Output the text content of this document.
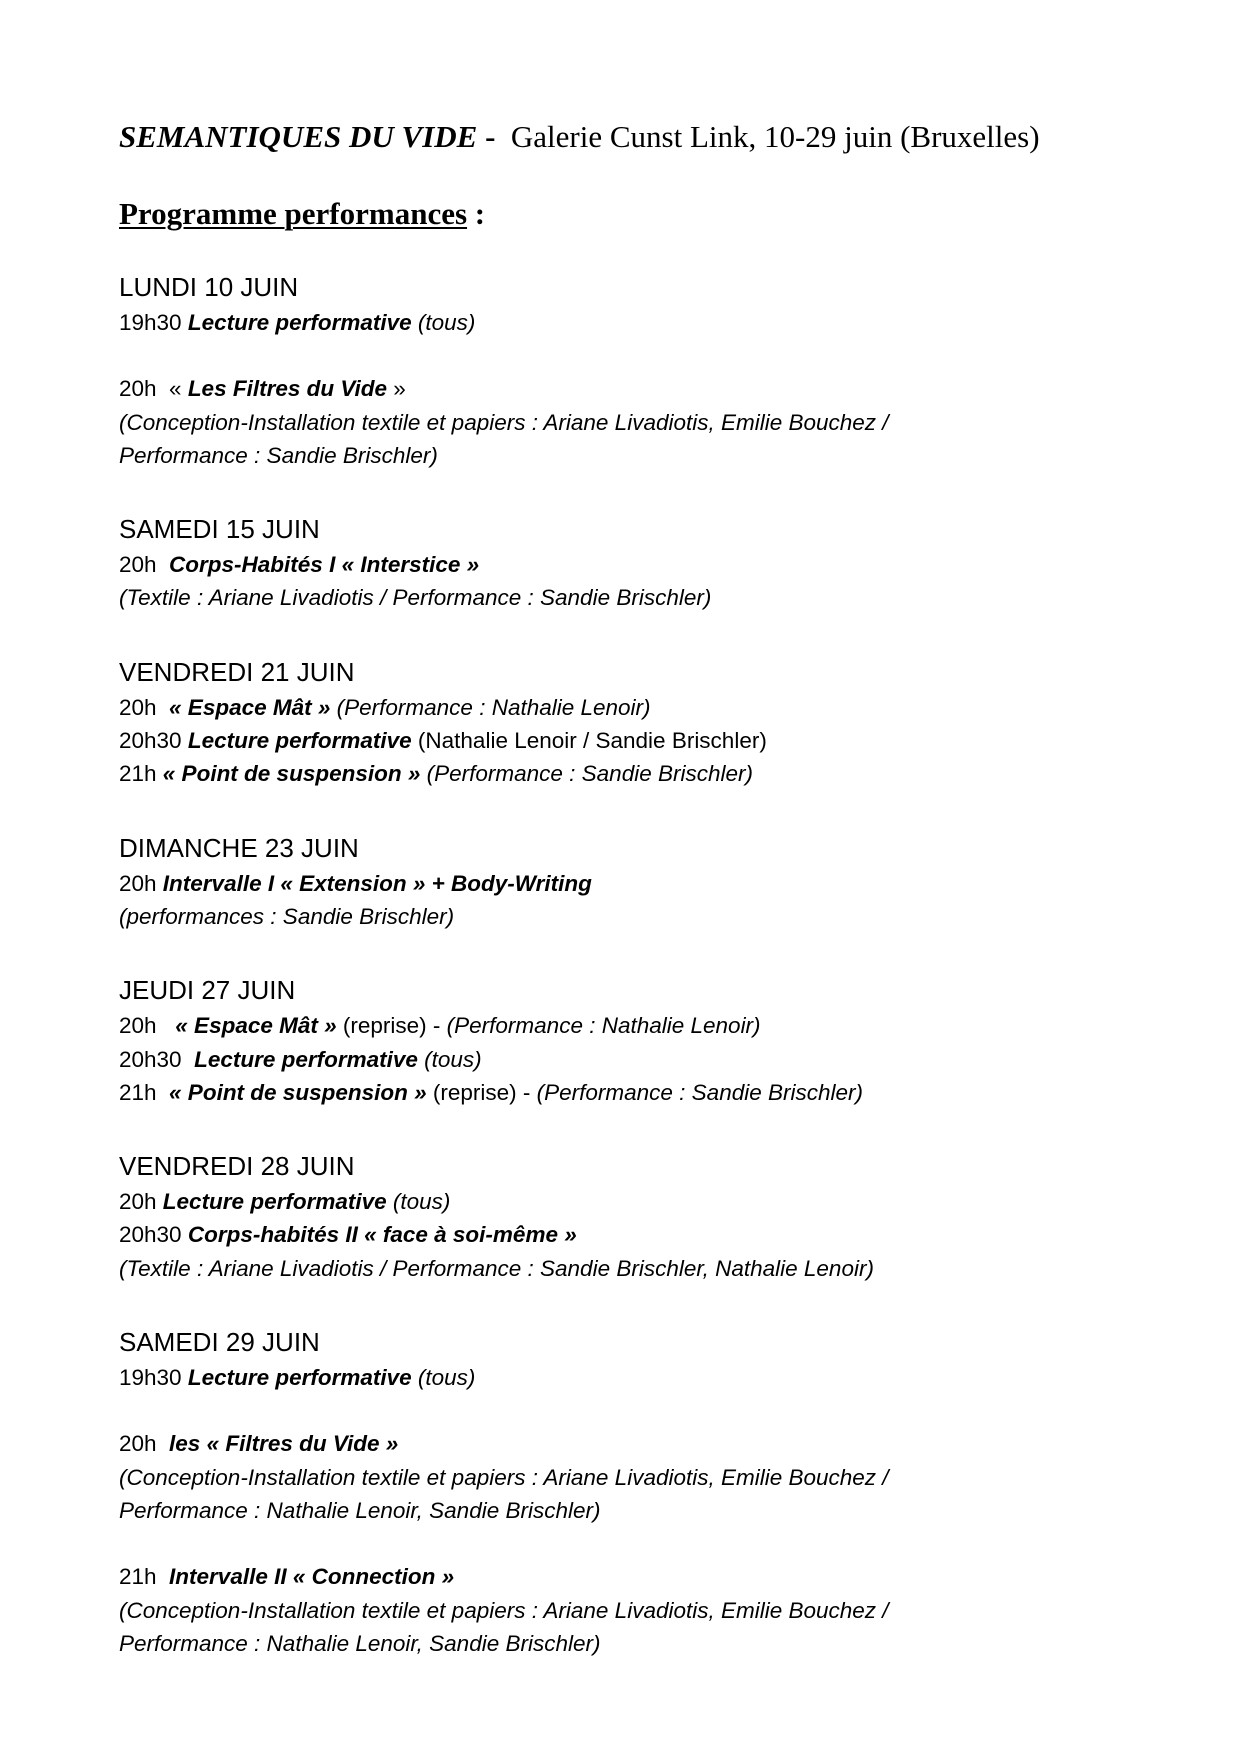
SEMANTIQUES DU VIDE -  Galerie Cunst Link, 10-29 juin (Bruxelles)
Programme performances :
LUNDI 10 JUIN
19h30 Lecture performative (tous)
20h  « Les Filtres du Vide »
(Conception-Installation textile et papiers : Ariane Livadiotis, Emilie Bouchez /
Performance : Sandie Brischler)
SAMEDI 15 JUIN
20h  Corps-Habités I « Interstice »
(Textile : Ariane Livadiotis / Performance : Sandie Brischler)
VENDREDI 21 JUIN
20h  « Espace Mât » (Performance : Nathalie Lenoir)
20h30 Lecture performative (Nathalie Lenoir / Sandie Brischler)
21h « Point de suspension » (Performance : Sandie Brischler)
DIMANCHE 23 JUIN
20h Intervalle I « Extension » + Body-Writing
(performances : Sandie Brischler)
JEUDI 27 JUIN
20h   « Espace Mât » (reprise) - (Performance : Nathalie Lenoir)
20h30  Lecture performative (tous)
21h  « Point de suspension » (reprise) - (Performance : Sandie Brischler)
VENDREDI 28 JUIN
20h Lecture performative (tous)
20h30 Corps-habités II « face à soi-même »
(Textile : Ariane Livadiotis / Performance : Sandie Brischler, Nathalie Lenoir)
SAMEDI 29 JUIN
19h30 Lecture performative (tous)
20h  les « Filtres du Vide »
(Conception-Installation textile et papiers : Ariane Livadiotis, Emilie Bouchez /
Performance : Nathalie Lenoir, Sandie Brischler)
21h  Intervalle II « Connection »
(Conception-Installation textile et papiers : Ariane Livadiotis, Emilie Bouchez /
Performance : Nathalie Lenoir, Sandie Brischler)
